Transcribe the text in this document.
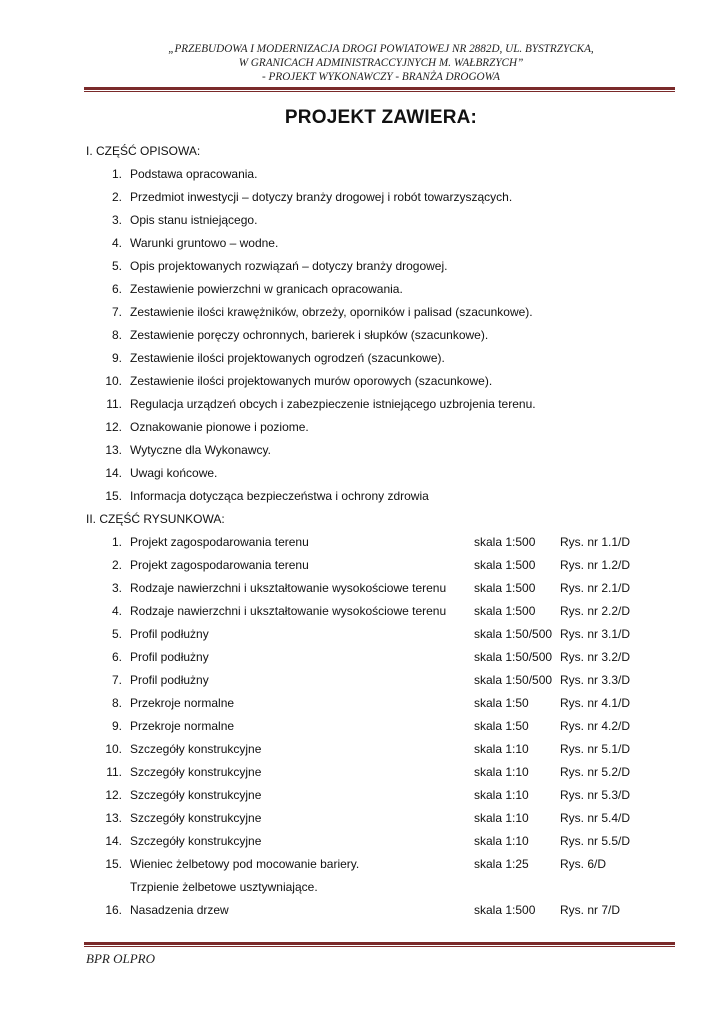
„PRZEBUDOWA I MODERNIZACJA DROGI POWIATOWEJ NR 2882D, UL. BYSTRZYCKA,
W GRANICACH ADMINISTRACCYJNYCH M. WAŁBRZYCH”
- PROJEKT WYKONAWCZY - BRANŻA DROGOWA
PROJEKT ZAWIERA:
I. CZĘŚĆ OPISOWA:
1. Podstawa opracowania.
2. Przedmiot inwestycji – dotyczy branży drogowej i robót towarzyszących.
3. Opis stanu istniejącego.
4. Warunki gruntowo – wodne.
5. Opis projektowanych rozwiązań – dotyczy branży drogowej.
6. Zestawienie powierzchni w granicach opracowania.
7. Zestawienie ilości krawężników, obrzeży, oporników i palisad (szacunkowe).
8. Zestawienie poręczy ochronnych, barierek i słupków (szacunkowe).
9. Zestawienie ilości projektowanych ogrodzeń (szacunkowe).
10. Zestawienie ilości projektowanych murów oporowych (szacunkowe).
11. Regulacja urządzeń obcych i zabezpieczenie istniejącego uzbrojenia terenu.
12. Oznakowanie pionowe i poziome.
13. Wytyczne dla Wykonawcy.
14. Uwagi końcowe.
15. Informacja dotycząca bezpieczeństwa i ochrony zdrowia
II. CZĘŚĆ RYSUNKOWA:
1. Projekt zagospodarowania terenu	skala 1:500 Rys. nr 1.1/D
2. Projekt zagospodarowania terenu	skala 1:500 Rys. nr 1.2/D
3. Rodzaje nawierzchni i ukształtowanie wysokościowe terenu skala 1:500 Rys. nr 2.1/D
4. Rodzaje nawierzchni i ukształtowanie wysokościowe terenu skala 1:500 Rys. nr 2.2/D
5. Profil podłużny	skala 1:50/500 Rys. nr 3.1/D
6. Profil podłużny	skala 1:50/500 Rys. nr 3.2/D
7. Profil podłużny	skala 1:50/500 Rys. nr 3.3/D
8. Przekroje normalne	skala 1:50	Rys. nr 4.1/D
9. Przekroje normalne	skala 1:50	Rys. nr 4.2/D
10. Szczegóły konstrukcyjne	skala 1:10	Rys. nr 5.1/D
11. Szczegóły konstrukcyjne	skala 1:10	Rys. nr 5.2/D
12. Szczegóły konstrukcyjne	skala 1:10	Rys. nr 5.3/D
13. Szczegóły konstrukcyjne	skala 1:10	Rys. nr 5.4/D
14. Szczegóły konstrukcyjne	skala 1:10	Rys. nr 5.5/D
15. Wieniec żelbetowy pod mocowanie bariery.	skala 1:25	Rys. 6/D
Trzpienie żelbetowe usztywniające.
16. Nasadzenia drzew	skala 1:500 Rys. nr 7/D
BPR OLPRO
